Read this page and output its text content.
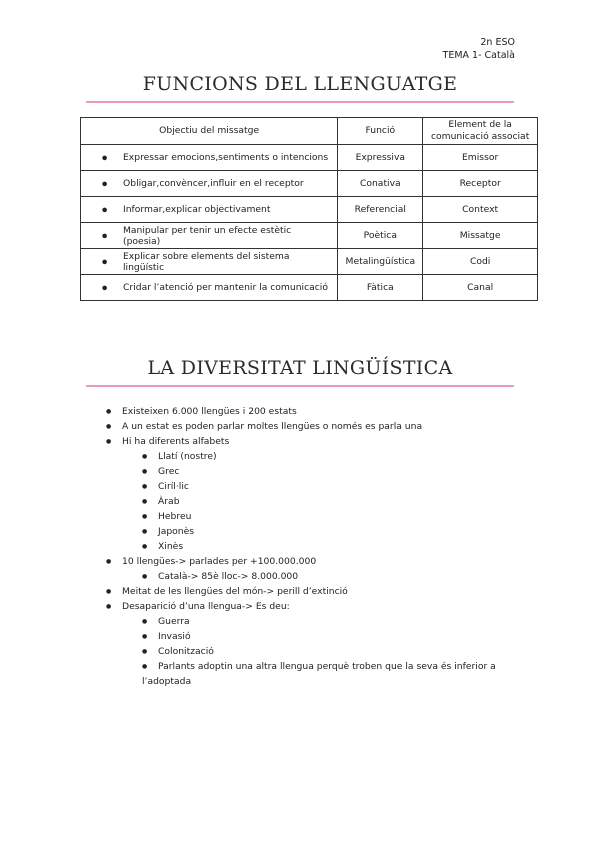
2n ESO
TEMA 1- Català
FUNCIONS DEL LLENGUATGE
Objectiu del missatge	Funció	Element de la comunicació associat
● Expressar emocions,sentiments o intencions	Expressiva	Emissor
● Obligar,convèncer,influir en el receptor	Conativa	Receptor
● Informar,explicar objectivament	Referencial	Context
● Manipular per tenir un efecte estètic (poesia)	Poètica	Missatge
● Explicar sobre elements del sistema lingüístic	Metalingüística	Codi
● Cridar l’atenció per mantenir la comunicació	Fàtica	Canal
LA DIVERSITAT LINGÜÍSTICA
● Existeixen 6.000 llengües i 200 estats
● A un estat es poden parlar moltes llengües o només es parla una
● Hi ha diferents alfabets
● Llatí (nostre)
● Grec
● Ciríl·lic
● Àrab
● Hebreu
● Japonès
● Xinès
● 10 llengües-> parlades per +100.000.000
● Català-> 85è lloc-> 8.000.000
● Meitat de les llengües del món-> perill d’extinció
● Desaparició d’una llengua-> Es deu:
● Guerra
● Invasió
● Colonització
● Parlants adoptin una altra llengua perquè troben que la seva és inferior a
l’adoptada
